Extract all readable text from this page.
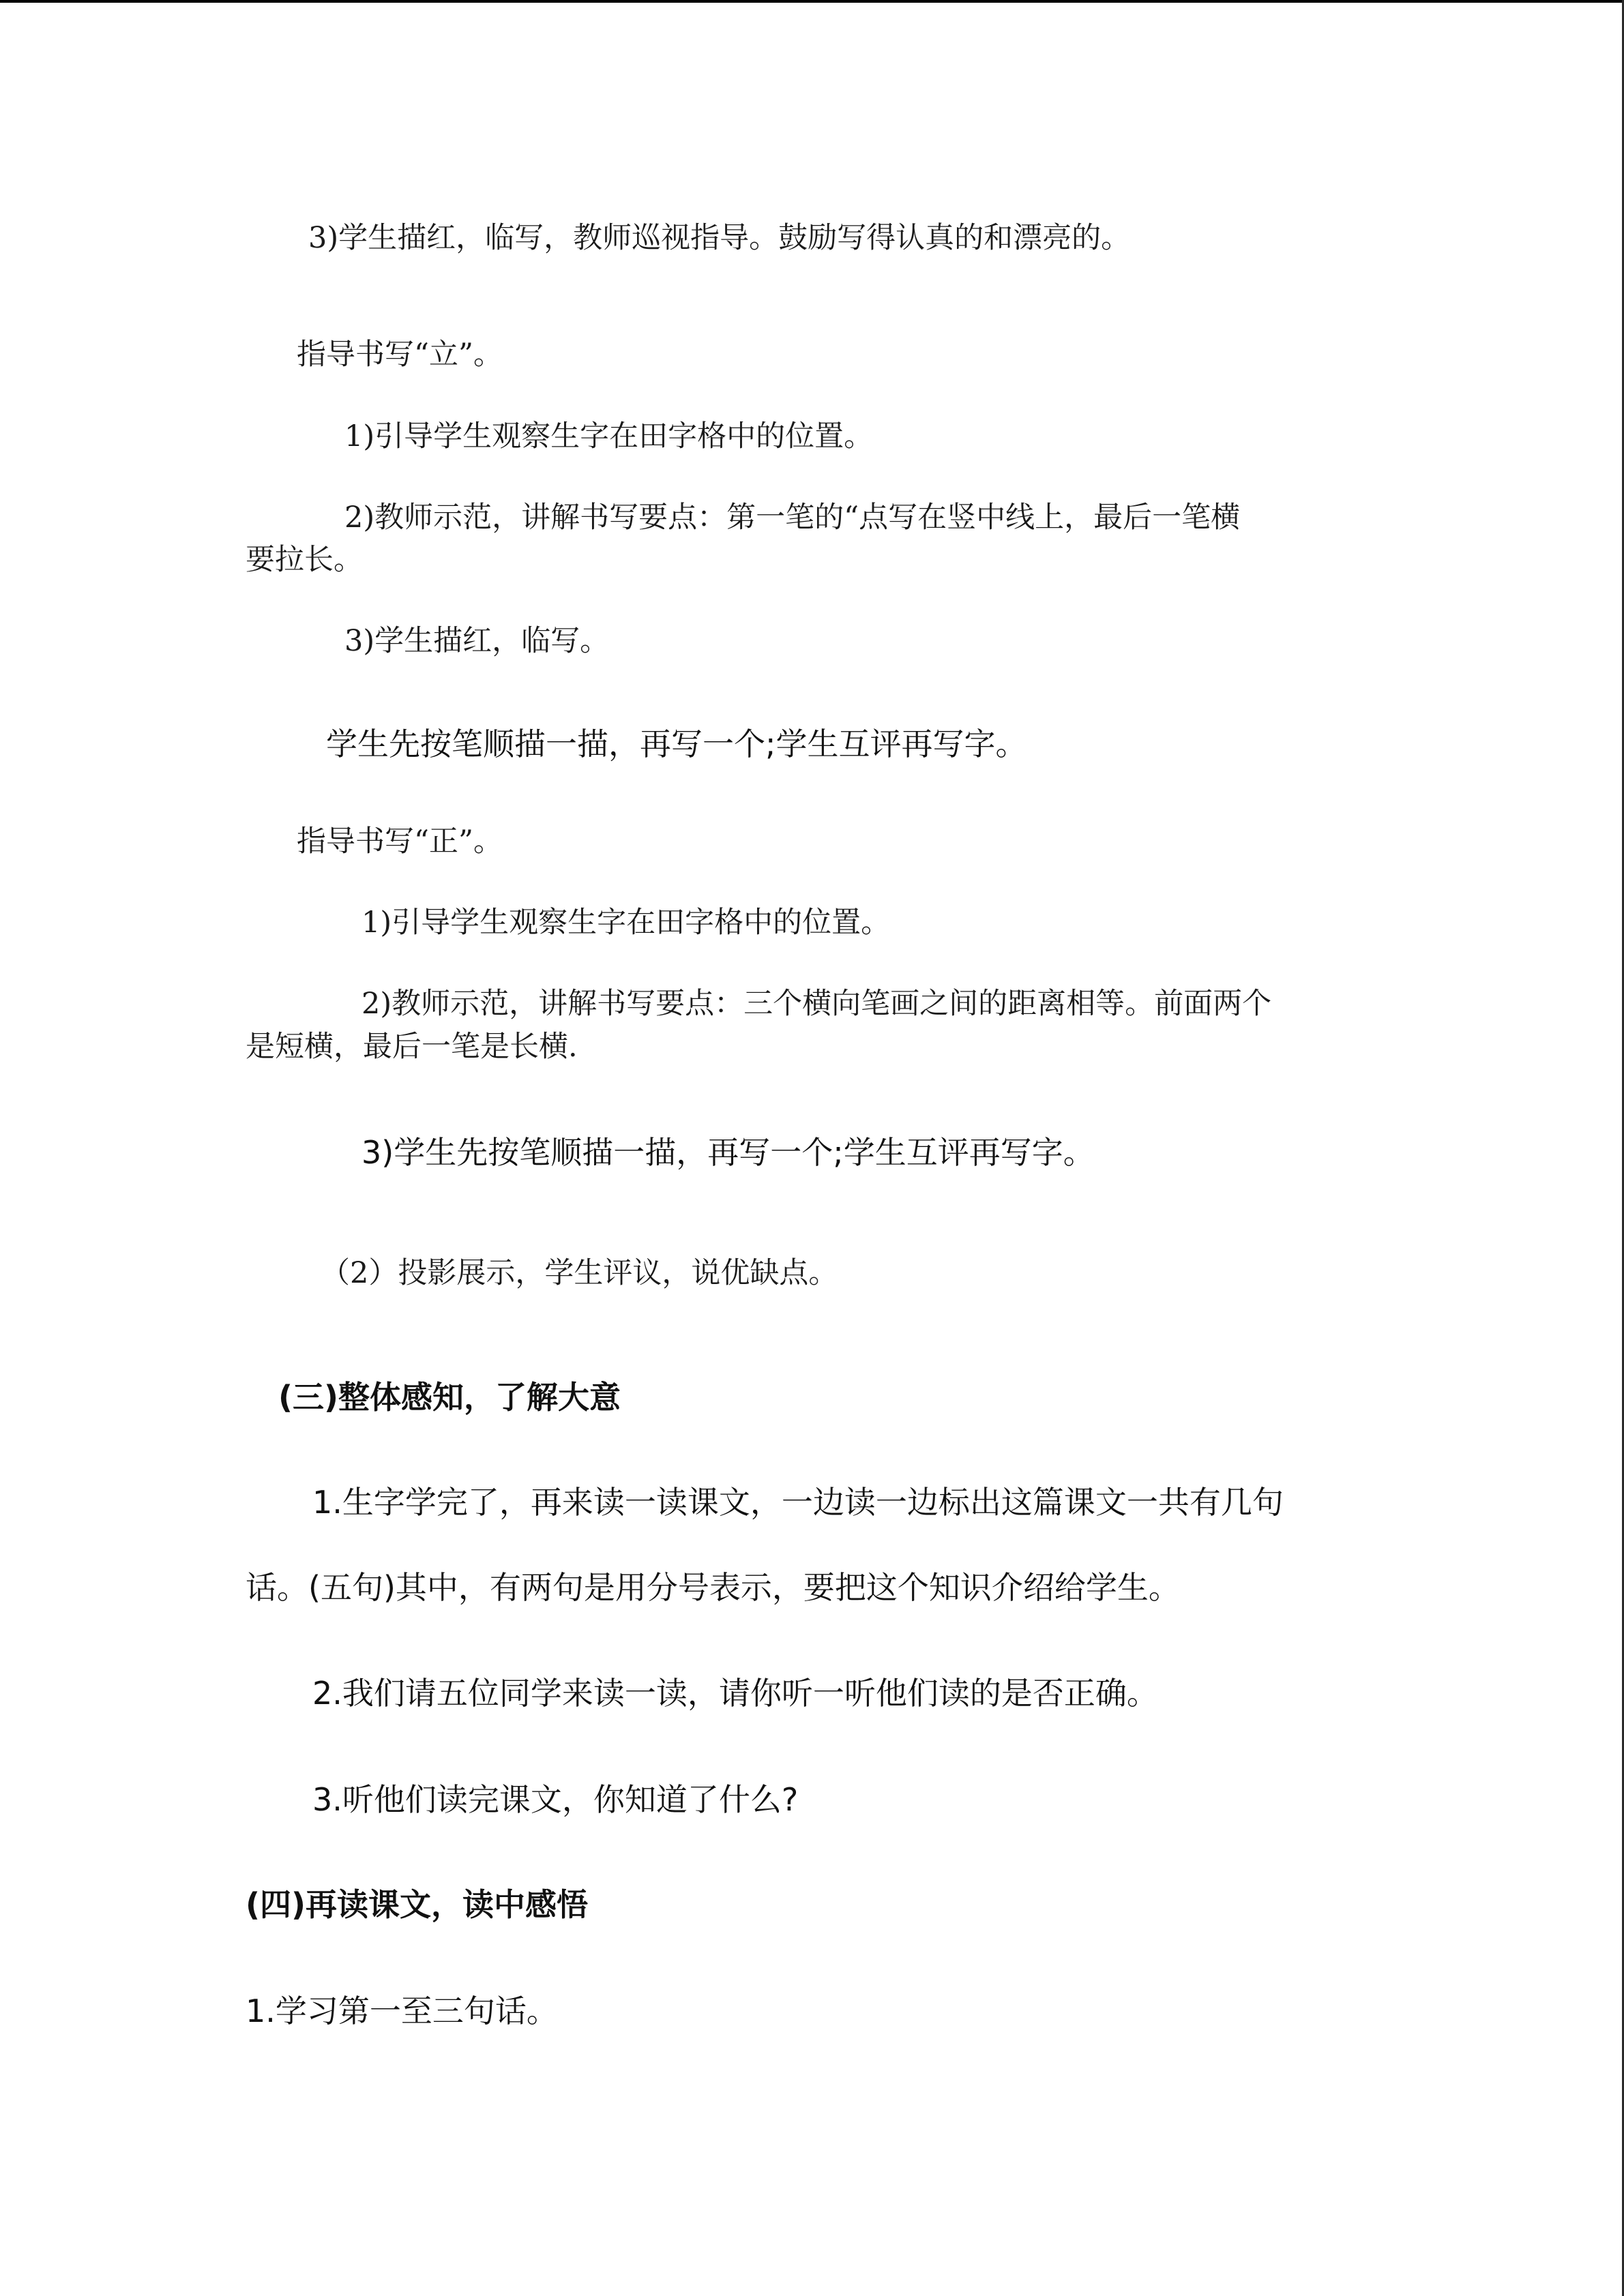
3)学生描红，临写，教师巡视指导。鼓励写得认真的和漂亮的。
指导书写“立”。
1)引导学生观察生字在田字格中的位置。
2)教师示范，讲解书写要点：第一笔的“点写在竖中线上，最后一笔横
要拉长。
3)学生描红，临写。
学生先按笔顺描一描，再写一个;学生互评再写字。
指导书写“正”。
1)引导学生观察生字在田字格中的位置。
2)教师示范，讲解书写要点：三个横向笔画之间的距离相等。前面两个
是短横，最后一笔是长横.
3)学生先按笔顺描一描，再写一个;学生互评再写字。
（2）投影展示，学生评议，说优缺点。
(三)整体感知，了解大意
1.生字学完了，再来读一读课文，一边读一边标出这篇课文一共有几句
话。(五句)其中，有两句是用分号表示，要把这个知识介绍给学生。
2.我们请五位同学来读一读，请你听一听他们读的是否正确。
3.听他们读完课文，你知道了什么?
(四)再读课文，读中感悟
1.学习第一至三句话。
